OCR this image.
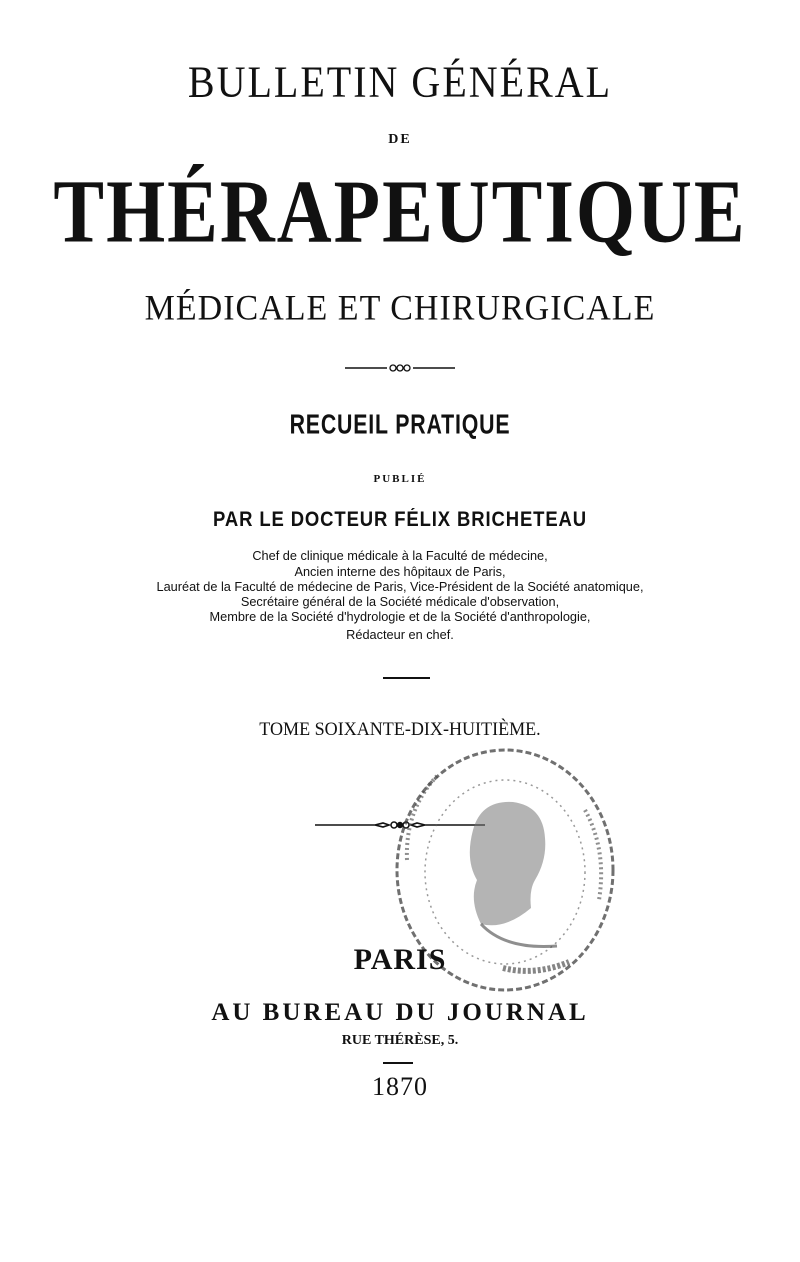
BULLETIN GÉNÉRAL
DE
THÉRAPEUTIQUE
MÉDICALE ET CHIRURGICALE
RECUEIL PRATIQUE
PUBLIÉ
PAR LE DOCTEUR FÉLIX BRICHETEAU
Chef de clinique médicale à la Faculté de médecine,
Ancien interne des hôpitaux de Paris,
Lauréat de la Faculté de médecine de Paris, Vice-Président de la Société anatomique,
Secrétaire général de la Société médicale d'observation,
Membre de la Société d'hydrologie et de la Société d'anthropologie,
Rédacteur en chef.
TOME SOIXANTE-DIX-HUITIÈME.
PARIS
AU BUREAU DU JOURNAL
RUE THÉRÈSE, 5.
1870
